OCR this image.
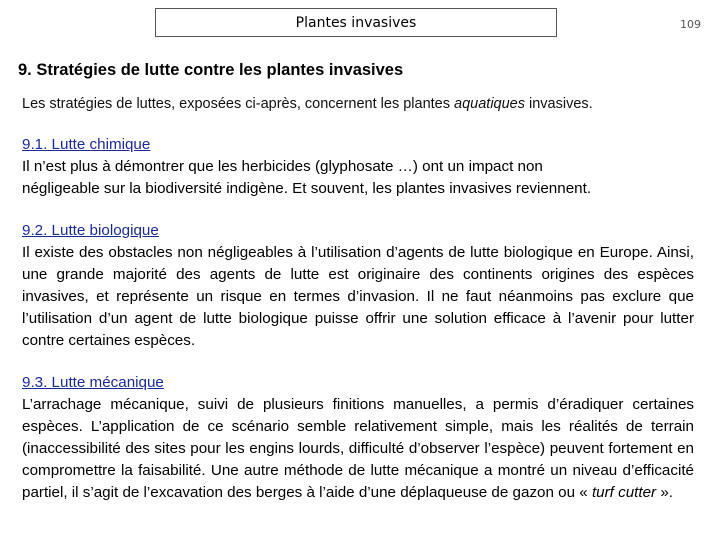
Plantes invasives	109
9. Stratégies de lutte contre les plantes invasives
Les stratégies de luttes, exposées ci-après, concernent les plantes aquatiques invasives.
9.1. Lutte chimique
Il n’est plus à démontrer que les herbicides (glyphosate …) ont un impact non
négligeable sur la biodiversité indigène. Et souvent, les plantes invasives reviennent.
9.2. Lutte biologique
Il existe des obstacles non négligeables à l’utilisation d’agents de lutte biologique en Europe. Ainsi, une grande majorité des agents de lutte est originaire des continents origines des espèces invasives, et représente un risque en termes d’invasion. Il ne faut néanmoins pas exclure que l’utilisation d’un agent de lutte biologique puisse offrir une solution efficace à l’avenir pour lutter contre certaines espèces.
9.3. Lutte mécanique
L’arrachage mécanique, suivi de plusieurs finitions manuelles, a permis d’éradiquer certaines espèces. L’application de ce scénario semble relativement simple, mais les réalités de terrain (inaccessibilité des sites pour les engins lourds, difficulté d’observer l’espèce) peuvent fortement en compromettre la faisabilité. Une autre méthode de lutte mécanique a montré un niveau d’efficacité partiel, il s’agit de l’excavation des berges à l’aide d’une déplaqueuse de gazon ou « turf cutter ».
